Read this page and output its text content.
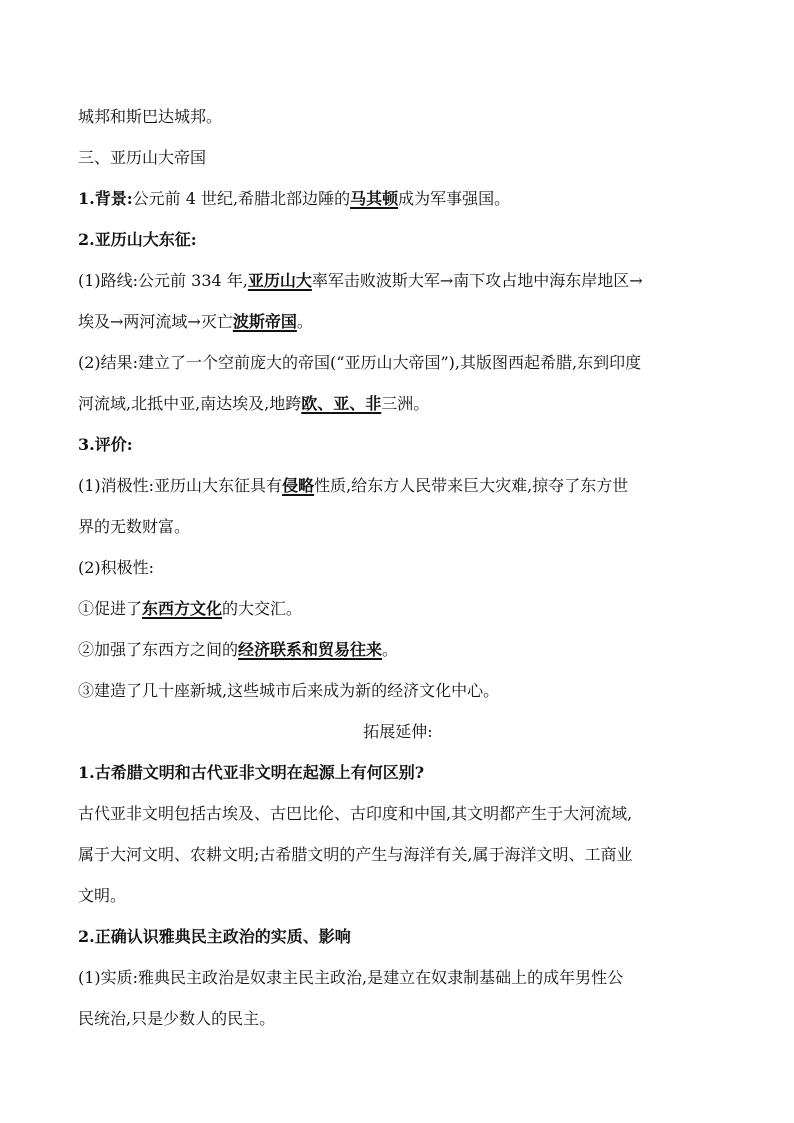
城邦和斯巴达城邦。
三、亚历山大帝国
1.背景:公元前 4 世纪,希腊北部边陲的马其顿成为军事强国。
2.亚历山大东征:
(1)路线:公元前 334 年,亚历山大率军击败波斯大军→南下攻占地中海东岸地区→
埃及→两河流域→灭亡波斯帝国。
(2)结果:建立了一个空前庞大的帝国(“亚历山大帝国”),其版图西起希腊,东到印度
河流域,北抵中亚,南达埃及,地跨欧、亚、非三洲。
3.评价:
(1)消极性:亚历山大东征具有侵略性质,给东方人民带来巨大灾难,掠夺了东方世
界的无数财富。
(2)积极性:
①促进了东西方文化的大交汇。
②加强了东西方之间的经济联系和贸易往来。
③建造了几十座新城,这些城市后来成为新的经济文化中心。
拓展延伸:
1.古希腊文明和古代亚非文明在起源上有何区别?
古代亚非文明包括古埃及、古巴比伦、古印度和中国,其文明都产生于大河流域,
属于大河文明、农耕文明;古希腊文明的产生与海洋有关,属于海洋文明、工商业
文明。
2.正确认识雅典民主政治的实质、影响
(1)实质:雅典民主政治是奴隶主民主政治,是建立在奴隶制基础上的成年男性公
民统治,只是少数人的民主。
